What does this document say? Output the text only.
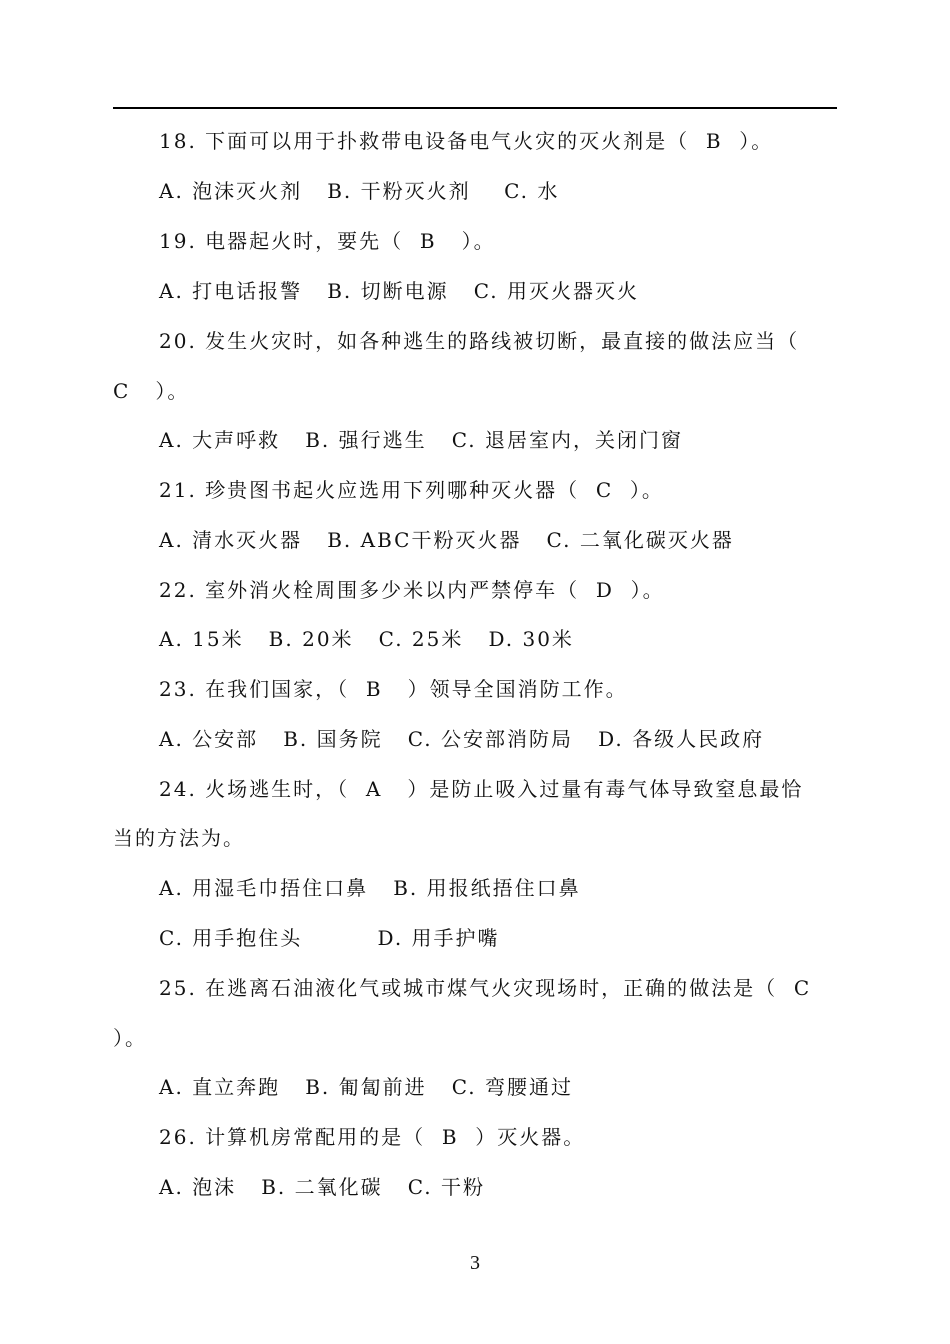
18. 下面可以用于扑救带电设备电气火灾的灭火剂是（  B  ）。
A. 泡沫灭火剂   B. 干粉灭火剂    C. 水
19. 电器起火时，要先（  B   ）。
A. 打电话报警   B. 切断电源   C. 用灭火器灭火
20. 发生火灾时，如各种逃生的路线被切断，最直接的做法应当（
C   ）。
A. 大声呼救   B. 强行逃生   C. 退居室内，关闭门窗
21. 珍贵图书起火应选用下列哪种灭火器（  C  ）。
A. 清水灭火器   B. ABC干粉灭火器   C. 二氧化碳灭火器
22. 室外消火栓周围多少米以内严禁停车（  D  ）。
A. 15米   B. 20米   C. 25米   D. 30米
23. 在我们国家，（  B   ）领导全国消防工作。
A. 公安部   B. 国务院   C. 公安部消防局   D. 各级人民政府
24. 火场逃生时，（  A   ）是防止吸入过量有毒气体导致窒息最恰
当的方法为。
A. 用湿毛巾捂住口鼻   B. 用报纸捂住口鼻
C. 用手抱住头         D. 用手护嘴
25. 在逃离石油液化气或城市煤气火灾现场时，正确的做法是（  C
）。
A. 直立奔跑   B. 匍匐前进   C. 弯腰通过
26. 计算机房常配用的是（  B  ）灭火器。
A. 泡沫   B. 二氧化碳   C. 干粉
3
